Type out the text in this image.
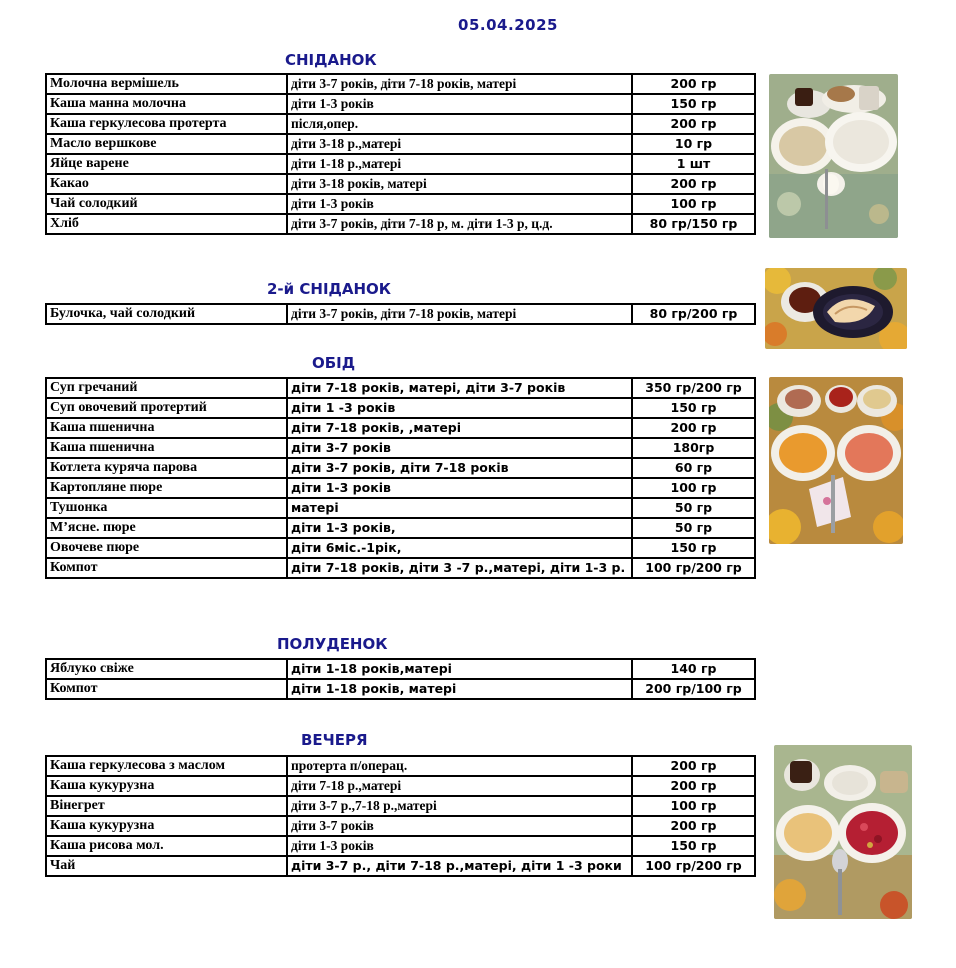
05.04.2025
СНІДАНОК
Молочна вермішель	діти 3-7 років, діти 7-18 років, матері	200 гр
Каша манна молочна	діти 1-3 років	150 гр
Каша геркулесова протерта	після,опер.	200 гр
Масло вершкове	діти 3-18 р.,матері	10 гр
Яйце варене	діти 1-18 р.,матері	1 шт
Какао	діти 3-18 років, матері	200 гр
Чай солодкий	діти 1-3 років	100 гр
Хліб	діти 3-7 років, діти 7-18 р, м. діти 1-3 р, ц.д.	80 гр/150 гр
2-й СНІДАНОК
Булочка, чай солодкий	діти 3-7 років, діти 7-18 років, матері	80 гр/200 гр
ОБІД
Суп гречаний	діти 7-18 років, матері, діти 3-7 років	350 гр/200 гр
Суп овочевий протертий	діти 1 -3 років	150 гр
Каша пшенична	діти 7-18 років, ,матері	200 гр
Каша пшенична	діти 3-7 років	180гр
Котлета куряча парова	діти 3-7 років, діти 7-18 років	60 гр
Картопляне пюре	діти 1-3 років	100 гр
Тушонка	матері	50 гр
М’ясне. пюре	діти 1-3 років,	50 гр
Овочеве пюре	діти 6міс.-1рік,	150 гр
Компот	діти 7-18 років, діти 3 -7 р.,матері, діти 1-3 р.	100 гр/200 гр
ПОЛУДЕНОК
Яблуко свіже	діти 1-18 років,матері	140 гр
Компот	діти 1-18 років, матері	200 гр/100 гр
ВЕЧЕРЯ
Каша геркулесова з маслом	протерта п/операц.	200 гр
Каша кукурузна	діти 7-18 р.,матері	200 гр
Вінегрет	діти 3-7 р.,7-18 р.,матері	100 гр
Каша кукурузна	діти 3-7 років	200 гр
Каша рисова мол.	діти 1-3 років	150 гр
Чай	діти 3-7 р., діти 7-18 р.,матері, діти 1 -3 роки	100 гр/200 гр
